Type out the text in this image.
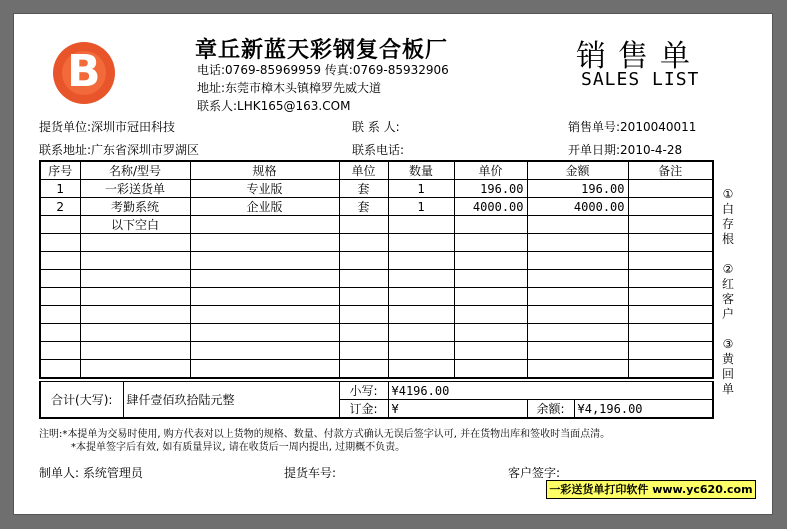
B	章丘新蓝天彩钢复合板厂
电话:0769-85969959 传真:0769-85932906
地址:东莞市樟木头镇樟罗先威大道
联系人:LHK165@163.COM
销售单
SALES LIST
提货单位:深圳市冠田科技	联 系 人:	销售单号:2010040011
联系地址:广东省深圳市罗湖区	联系电话:	开单日期:2010-4-28
序号	名称/型号	规格	单位	数量	单价	金额	备注
1	一彩送货单	专业版	套	1	196.00	196.00	
2	考勤系统	企业版	套	1	4000.00	4000.00	
	以下空白						

合计(大写):	肆仟壹佰玖拾陆元整	小写:	¥4196.00		
		订金:	¥	余额:	¥4,196.00
①白存根
②红客户
③黄回单
注明:*本提单为交易时使用, 购方代表对以上货物的规格、数量、付款方式确认无误后签字认可, 并在货物出库和签收时当面点清。
*本提单签字后有效, 如有质量异议, 请在收货后一周内提出, 过期概不负责。
制单人: 系统管理员	提货车号:	客户签字:
一彩送货单打印软件 www.yc620.com
